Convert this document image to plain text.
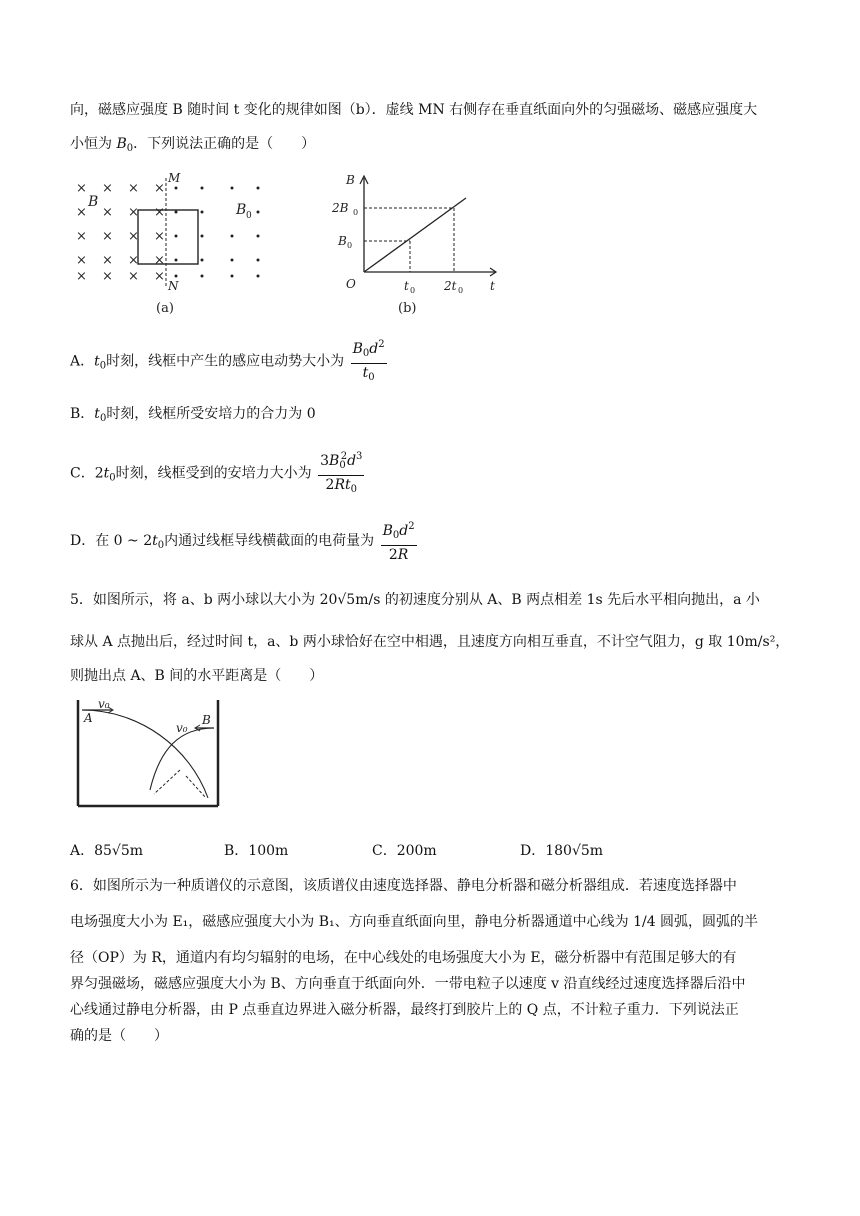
向，磁感应强度 B 随时间 t 变化的规律如图（b）．虚线 MN 右侧存在垂直纸面向外的匀强磁场、磁感应强度大
小恒为 $B_0$．下列说法正确的是（　　）
× × × ×
× × × ×
× × × ×
× × × ×
× × × ×
M
N
B	B 0
(a)
B
2B 0
B 0
O	t 0 2t 0 t
(b)
A．$t_0$时刻，线框中产生的感应电动势大小为 $\frac{B_0d^2}{t_0}$
B．$t_0$时刻，线框所受安培力的合力为 0
C．$2t_0$时刻，线框受到的安培力大小为 $\frac{3B_0^2d^3}{2Rt_0}$
D．在 0 ~ $2t_0$内通过线框导线横截面的电荷量为 $\frac{B_0d^2}{2R}$
5．如图所示，将 a、b 两小球以大小为 20√5m/s 的初速度分别从 A、B 两点相差 1s 先后水平相向抛出，a 小
球从 A 点抛出后，经过时间 t，a、b 两小球恰好在空中相遇，且速度方向相互垂直，不计空气阻力，g 取 10m/s²，
则抛出点 A、B 间的水平距离是（　　）
A	B
v₀
v₀
A．85√5m	B．100m	C．200m	D．180√5m
6．如图所示为一种质谱仪的示意图，该质谱仪由速度选择器、静电分析器和磁分析器组成．若速度选择器中
电场强度大小为 E₁，磁感应强度大小为 B₁、方向垂直纸面向里，静电分析器通道中心线为 1/4 圆弧，圆弧的半
径（OP）为 R，通道内有均匀辐射的电场，在中心线处的电场强度大小为 E，磁分析器中有范围足够大的有
界匀强磁场，磁感应强度大小为 B、方向垂直于纸面向外．一带电粒子以速度 v 沿直线经过速度选择器后沿中
心线通过静电分析器，由 P 点垂直边界进入磁分析器，最终打到胶片上的 Q 点，不计粒子重力．下列说法正
确的是（　　）
